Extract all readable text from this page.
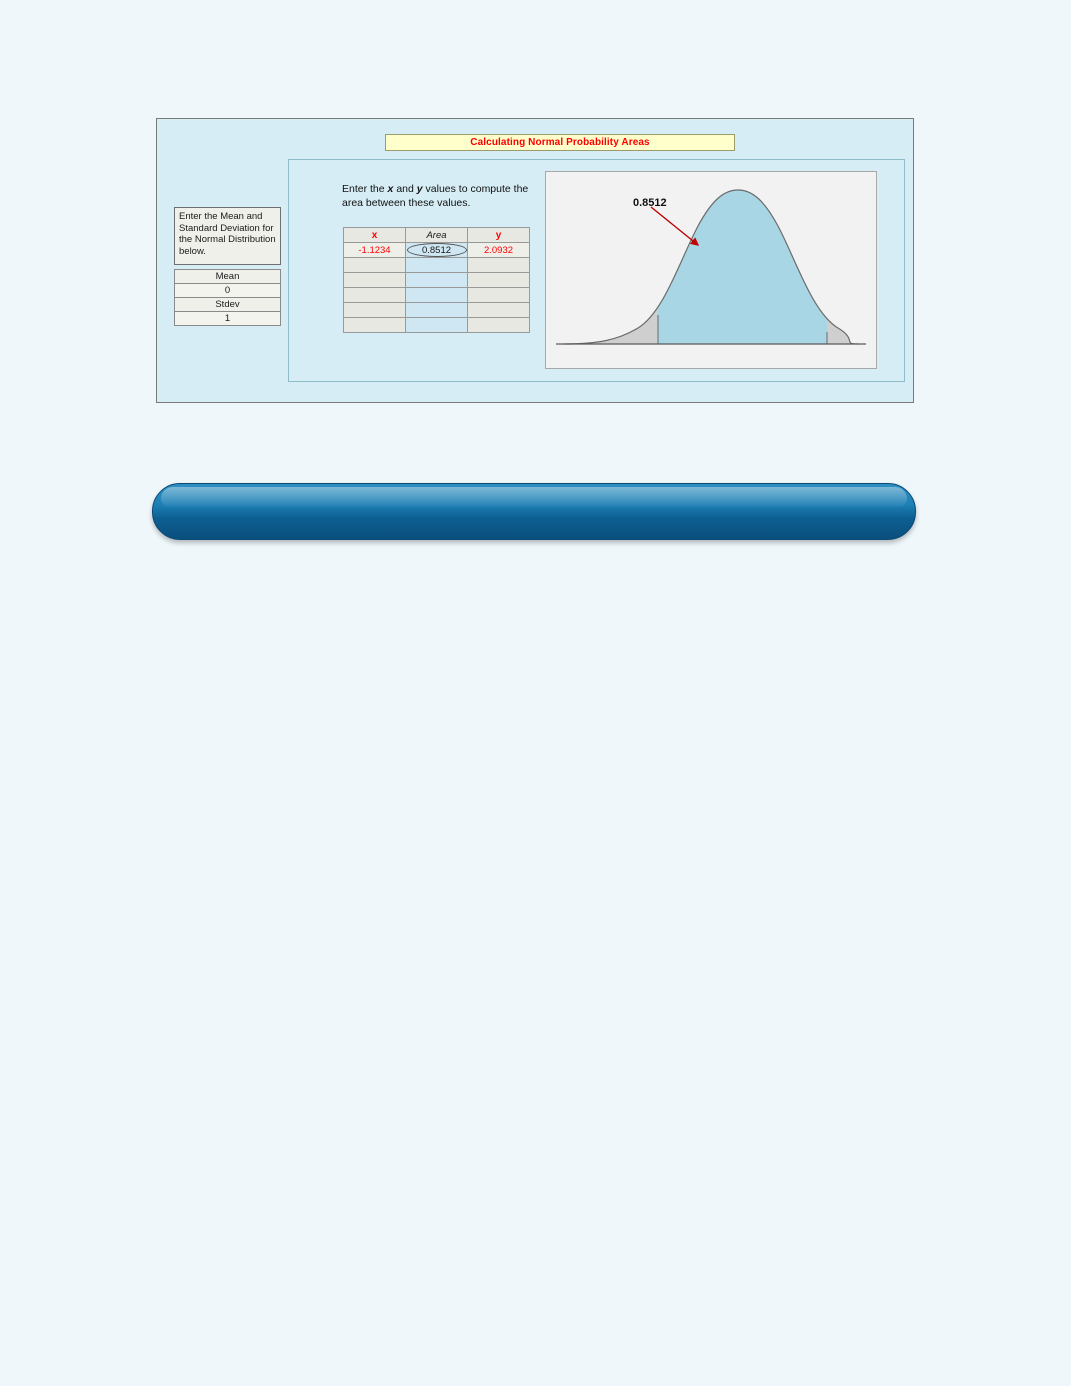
Calculating Normal Probability Areas
Enter the Mean and Standard Deviation for the Normal Distribution below.
Mean
0
Stdev
1
Enter the x and y values to compute the area between these values.
x	Area	y
-1.1234	0.8512	2.0932

0.8512
